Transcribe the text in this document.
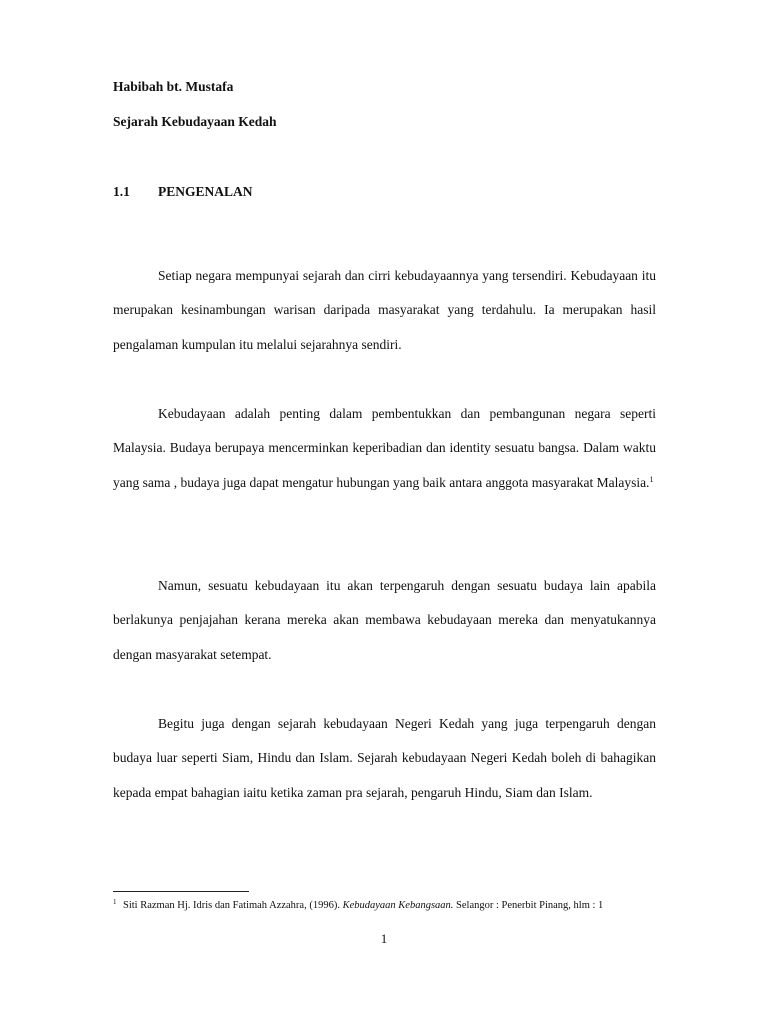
Habibah bt. Mustafa
Sejarah Kebudayaan Kedah
1.1 PENGENALAN

Setiap negara mempunyai sejarah dan cirri kebudayaannya yang tersendiri. Kebudayaan itu merupakan kesinambungan warisan daripada masyarakat yang terdahulu. Ia merupakan hasil pengalaman kumpulan itu melalui sejarahnya sendiri.

Kebudayaan adalah penting dalam pembentukkan dan pembangunan negara seperti Malaysia. Budaya berupaya mencerminkan keperibadian dan identity sesuatu bangsa. Dalam waktu yang sama , budaya juga dapat mengatur hubungan yang baik antara anggota masyarakat Malaysia.$^1$

Namun, sesuatu kebudayaan itu akan terpengaruh dengan sesuatu budaya lain apabila berlakunya penjajahan kerana mereka akan membawa kebudayaan mereka dan menyatukannya dengan masyarakat setempat.

Begitu juga dengan sejarah kebudayaan Negeri Kedah yang juga terpengaruh dengan budaya luar seperti Siam, Hindu dan Islam. Sejarah kebudayaan Negeri Kedah boleh di bahagikan kepada empat bahagian iaitu ketika zaman pra sejarah, pengaruh Hindu, Siam dan Islam.

1 Siti Razman Hj. Idris dan Fatimah Azzahra, (1996). Kebudayaan Kebangsaan. Selangor : Penerbit Pinang, hlm : 1
1
